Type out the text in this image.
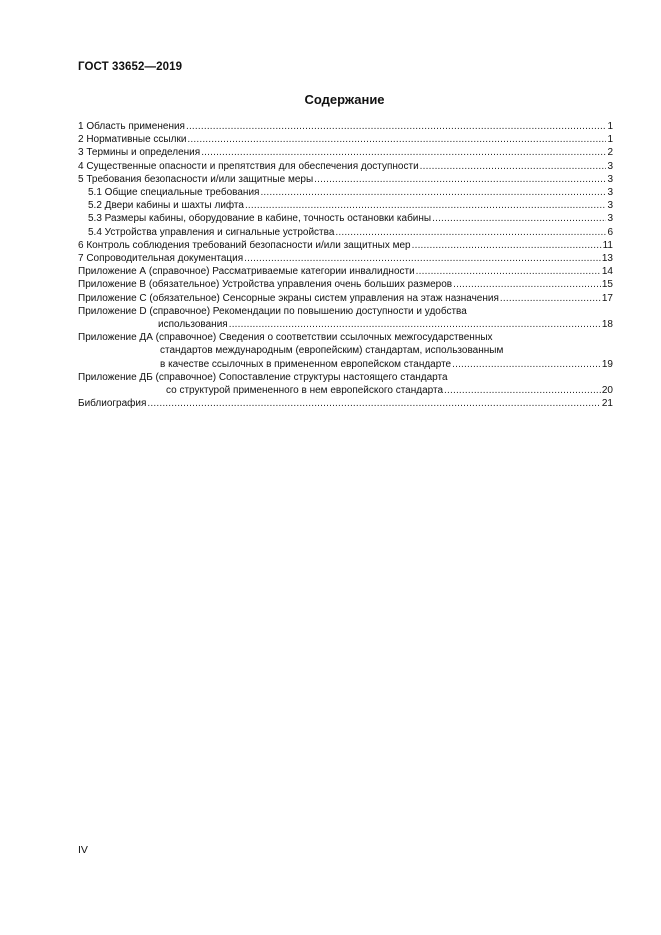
ГОСТ 33652—2019
Содержание
1 Область применения .....	1
2 Нормативные ссылки .....	1
3 Термины и определения .....	2
4 Существенные опасности и препятствия для обеспечения доступности .....	3
5 Требования безопасности и/или защитные меры .....	3
5.1 Общие специальные требования .....	3
5.2 Двери кабины и шахты лифта .....	3
5.3 Размеры кабины, оборудование в кабине, точность остановки кабины .....	3
5.4 Устройства управления и сигнальные устройства .....	6
6 Контроль соблюдения требований безопасности и/или защитных мер .....	11
7 Сопроводительная документация .....	13
Приложение А (справочное) Рассматриваемые категории инвалидности .....	14
Приложение В (обязательное) Устройства управления очень больших размеров .....	15
Приложение С (обязательное) Сенсорные экраны систем управления на этаж назначения .....	17
Приложение D (справочное) Рекомендации по повышению доступности и удобства
использования .....	18
Приложение ДА (справочное) Сведения о соответствии ссылочных межгосударственных
стандартов международным (европейским) стандартам, использованным
в качестве ссылочных в примененном европейском стандарте .....	19
Приложение ДБ (справочное) Сопоставление структуры настоящего стандарта
со структурой примененного в нем европейского стандарта .....	20
Библиография .....	21
IV
